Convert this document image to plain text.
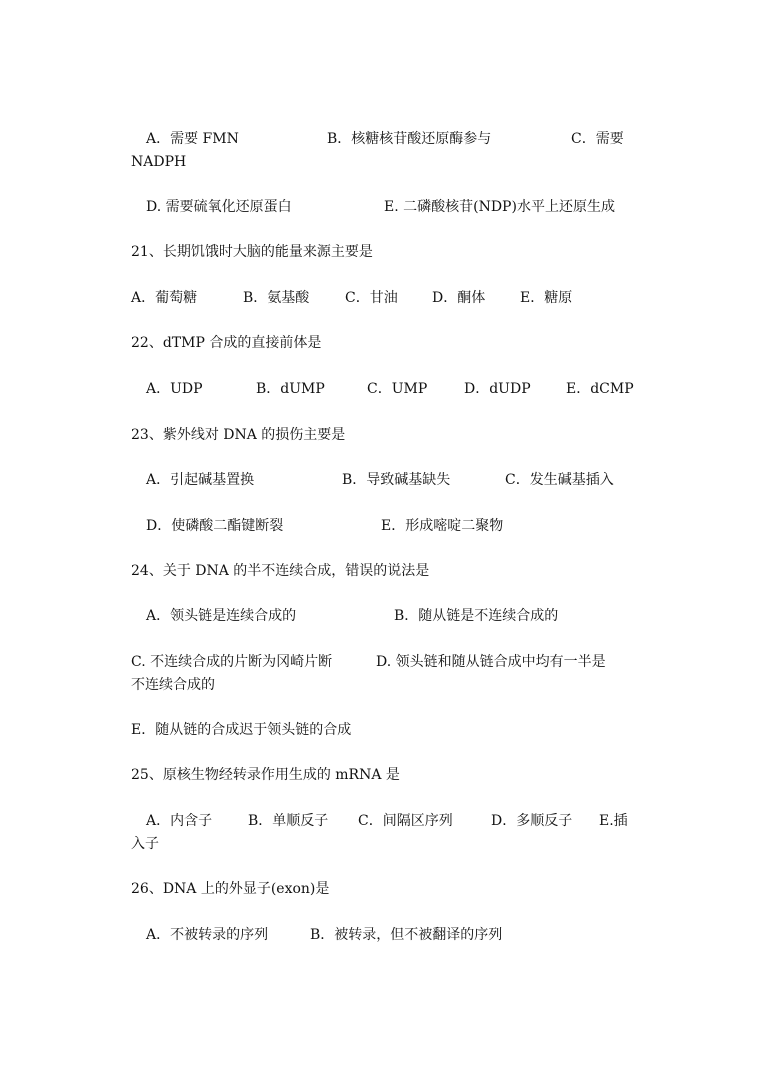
A．需要 FMN	B．核糖核苷酸还原酶参与	C．需要
NADPH
D. 需要硫氧化还原蛋白	E. 二磷酸核苷(NDP)水平上还原生成
21、长期饥饿时大脑的能量来源主要是
A．葡萄糖	B．氨基酸	C．甘油 D．酮体 E．糖原
22、dTMP 合成的直接前体是
A．UDP	B．dUMP	C．UMP	D．dUDP	E．dCMP
23、紫外线对 DNA 的损伤主要是
A．引起碱基置换	B．导致碱基缺失	C．发生碱基插入
D．使磷酸二酯键断裂	E．形成嘧啶二聚物
24、关于 DNA 的半不连续合成，错误的说法是
A．领头链是连续合成的	B．随从链是不连续合成的
C. 不连续合成的片断为冈崎片断	D. 领头链和随从链合成中均有一半是
不连续合成的
E．随从链的合成迟于领头链的合成
25、原核生物经转录作用生成的 mRNA 是
A．内含子	B．单顺反子 C．间隔区序列	D．多顺反子 E.插
入子
26、DNA 上的外显子(exon)是
A．不被转录的序列	B．被转录，但不被翻译的序列
